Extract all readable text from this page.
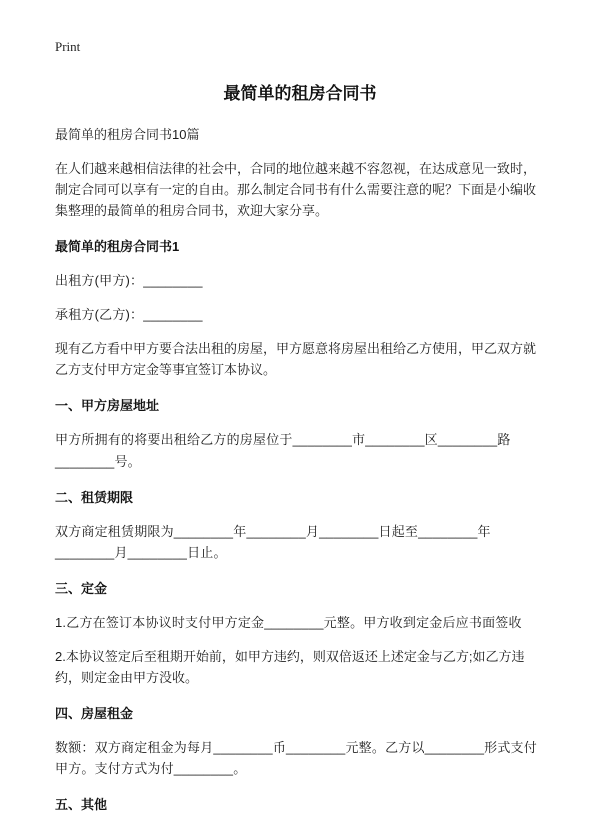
Print
最简单的租房合同书

最简单的租房合同书10篇

在人们越来越相信法律的社会中，合同的地位越来越不容忽视，在达成意见一致时，制定合同可以享有一定的自由。那么制定合同书有什么需要注意的呢？下面是小编收集整理的最简单的租房合同书，欢迎大家分享。

最简单的租房合同书1

出租方(甲方)：________

承租方(乙方)：________

现有乙方看中甲方要合法出租的房屋，甲方愿意将房屋出租给乙方使用，甲乙双方就乙方支付甲方定金等事宜签订本协议。

一、甲方房屋地址

甲方所拥有的将要出租给乙方的房屋位于________市________区________路________号。

二、租赁期限

双方商定租赁期限为________年________月________日起至________年________月________日止。

三、定金

1.乙方在签订本协议时支付甲方定金________元整。甲方收到定金后应书面签收

2.本协议签定后至租期开始前，如甲方违约，则双倍返还上述定金与乙方;如乙方违约，则定金由甲方没收。

四、房屋租金

数额：双方商定租金为每月________币________元整。乙方以________形式支付甲方。支付方式为付________。

五、其他
